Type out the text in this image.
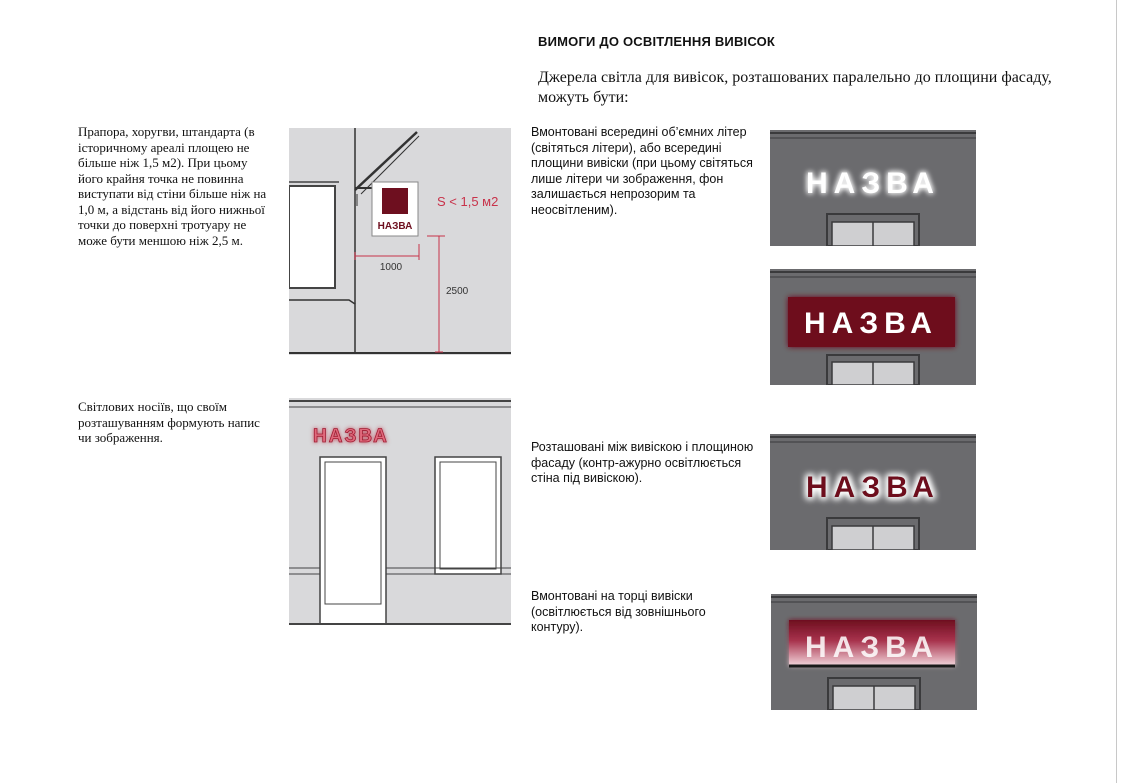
ВИМОГИ ДО ОСВІТЛЕННЯ ВИВІСОК
Джерела світла для вивісок, розташованих паралельно до площини фасаду, можуть бути:
Прапора, хоругви, штандарта (в історичному ареалі площею не більше ніж 1,5 м2). При цьому його крайня точка не повинна виступати від стіни більше ніж на 1,0 м, а відстань від його нижньої точки до поверхні тротуару не може бути меншою ніж 2,5 м.
Світлових носіїв, що своїм розташуванням формують напис чи зображення.
Вмонтовані всередині об’ємних літер (світяться літери), або всередині площини вивіски (при цьому світяться лише літери чи зображення, фон залишається непрозорим та неосвітленим).
Розташовані між вивіскою і площиною фасаду (контр-ажурно освітлюється стіна під вивіскою).
Вмонтовані на торці вивіски (освітлюється від зовнішнього контуру).
НАЗВА
S < 1,5 м2
1000
2500
НАЗВА
НАЗВА
НАЗВА
НАЗВА
НАЗВА
